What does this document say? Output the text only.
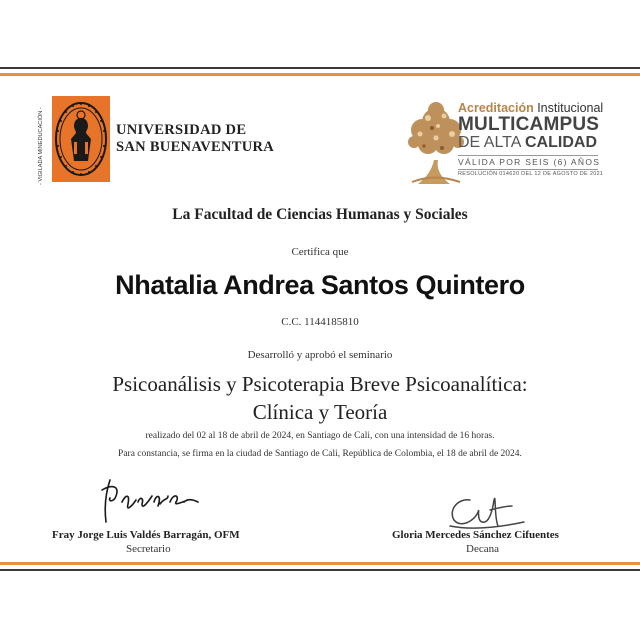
- VIGILADA MINEDUCACIÓN -	UNIVERSIDAD DE
SAN BUENAVENTURA
Acreditación Institucional
MULTICAMPUS
DE ALTA CALIDAD
VÁLIDA POR SEIS (6) AÑOS
RESOLUCIÓN 014620 DEL 12 DE AGOSTO DE 2021
La Facultad de Ciencias Humanas y Sociales
Certifica que
Nhatalia Andrea Santos Quintero
C.C. 1144185810
Desarrolló y aprobó el seminario
Psicoanálisis y Psicoterapia Breve Psicoanalítica:
Clínica y Teoría
realizado del 02 al 18 de abril de 2024, en Santiago de Cali, con una intensidad de 16 horas.
Para constancia, se firma en la ciudad de Santiago de Cali, República de Colombia, el 18 de abril de 2024.
Fray Jorge Luis Valdés Barragán, OFM
Secretario
Gloria Mercedes Sánchez Cifuentes
Decana
